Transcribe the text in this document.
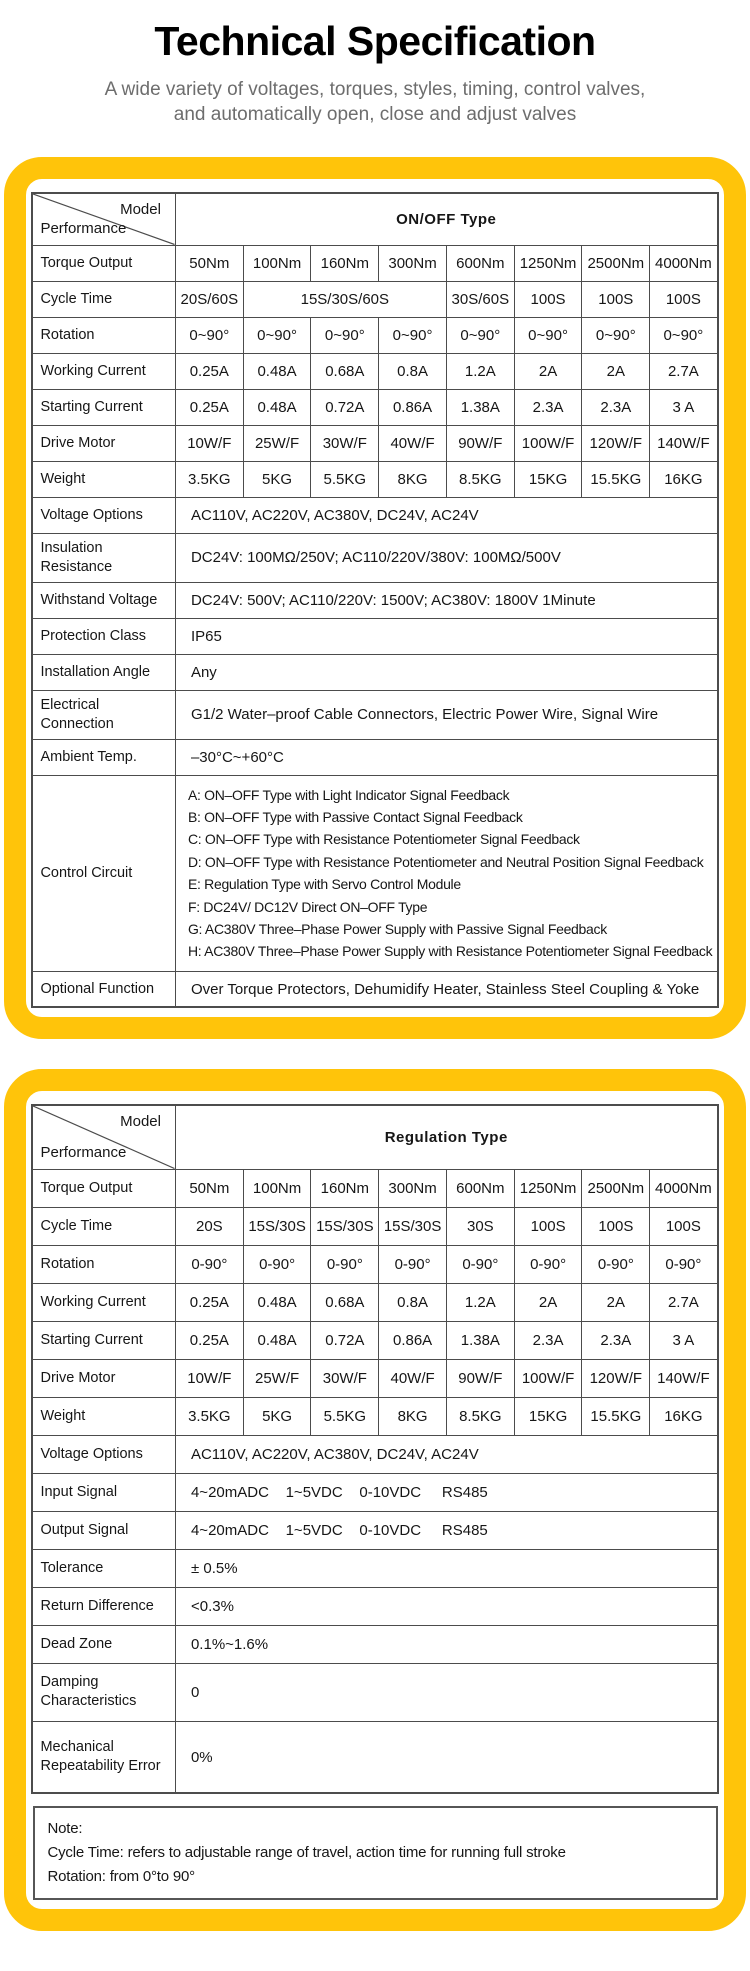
Technical Specification

A wide variety of voltages, torques, styles, timing, control valves,
and automatically open, close and adjust valves

Model
Performance	ON/OFF Type							
Torque Output	50Nm	100Nm	160Nm	300Nm	600Nm	1250Nm	2500Nm	4000Nm
Cycle Time	20S/60S	15S/30S/60S			30S/60S	100S	100S	100S
Rotation	0~90°	0~90°	0~90°	0~90°	0~90°	0~90°	0~90°	0~90°
Working Current	0.25A	0.48A	0.68A	0.8A	1.2A	2A	2A	2.7A
Starting Current	0.25A	0.48A	0.72A	0.86A	1.38A	2.3A	2.3A	3 A
Drive Motor	10W/F	25W/F	30W/F	40W/F	90W/F	100W/F	120W/F	140W/F
Weight	3.5KG	5KG	5.5KG	8KG	8.5KG	15KG	15.5KG	16KG
Voltage Options	AC110V, AC220V, AC380V, DC24V, AC24V							
Insulation Resistance	DC24V: 100MΩ/250V; AC110/220V/380V: 100MΩ/500V							
Withstand Voltage	DC24V: 500V; AC110/220V: 1500V; AC380V: 1800V 1Minute							
Protection Class	IP65							
Installation Angle	Any							
Electrical Connection	G1/2 Water–proof Cable Connectors, Electric Power Wire, Signal Wire							
Ambient Temp.	–30°C~+60°C							
Control Circuit	
A: ON–OFF Type with Light Indicator Signal Feedback
B: ON–OFF Type with Passive Contact Signal Feedback
C: ON–OFF Type with Resistance Potentiometer Signal Feedback
D: ON–OFF Type with Resistance Potentiometer and Neutral Position Signal Feedback
E: Regulation Type with Servo Control Module
F: DC24V/ DC12V Direct ON–OFF Type
G: AC380V Three–Phase Power Supply with Passive Signal Feedback
H: AC380V Three–Phase Power Supply with Resistance Potentiometer Signal Feedback

Optional Function	Over Torque Protectors, Dehumidify Heater, Stainless Steel Coupling & Yoke							
Model
Performance	Regulation Type							
Torque Output	50Nm	100Nm	160Nm	300Nm	600Nm	1250Nm	2500Nm	4000Nm
Cycle Time	20S	15S/30S	15S/30S	15S/30S	30S	100S	100S	100S
Rotation	0-90°	0-90°	0-90°	0-90°	0-90°	0-90°	0-90°	0-90°
Working Current	0.25A	0.48A	0.68A	0.8A	1.2A	2A	2A	2.7A
Starting Current	0.25A	0.48A	0.72A	0.86A	1.38A	2.3A	2.3A	3 A
Drive Motor	10W/F	25W/F	30W/F	40W/F	90W/F	100W/F	120W/F	140W/F
Weight	3.5KG	5KG	5.5KG	8KG	8.5KG	15KG	15.5KG	16KG
Voltage Options	AC110V, AC220V, AC380V, DC24V, AC24V							
Input Signal	4~20mADC    1~5VDC    0-10VDC     RS485							
Output Signal	4~20mADC    1~5VDC    0-10VDC     RS485							
Tolerance	± 0.5%							
Return Difference	<0.3%							
Dead Zone	0.1%~1.6%							
Damping Characteristics	0							
Mechanical Repeatability Error	0%							
Note:
Cycle Time: refers to adjustable range of travel, action time for running full stroke
Rotation: from 0°to 90°
